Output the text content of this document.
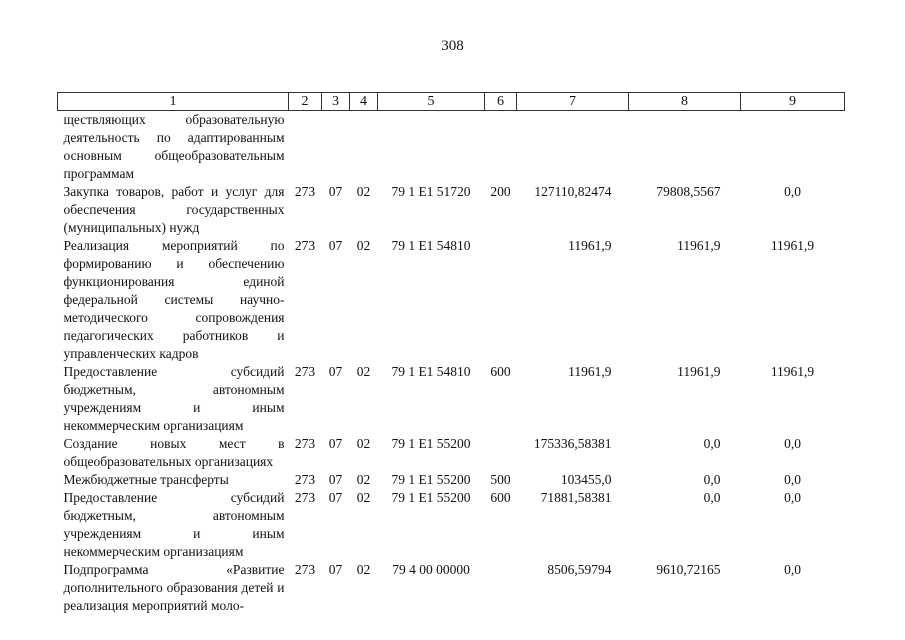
308
1	2	3	4	5	6	7	8	9
ществляющих образовательную деятельность по адаптированным основным общеобразовательным программам								
Закупка товаров, работ и услуг для обеспечения государственных (муниципальных) нужд	273	07	02	79 1 E1 51720	200	127110,82474	79808,5567	0,0
Реализация мероприятий по формированию и обеспечению функционирования единой федеральной системы научно-методического сопровождения педагогических работников и управленческих кадров	273	07	02	79 1 E1 54810		11961,9	11961,9	11961,9
Предоставление субсидий бюджетным, автономным учреждениям и иным некоммерческим организациям	273	07	02	79 1 E1 54810	600	11961,9	11961,9	11961,9
Создание новых мест в общеобразовательных организациях	273	07	02	79 1 E1 55200		175336,58381	0,0	0,0
Межбюджетные трансферты	273	07	02	79 1 E1 55200	500	103455,0	0,0	0,0
Предоставление субсидий бюджетным, автономным учреждениям и иным некоммерческим организациям	273	07	02	79 1 E1 55200	600	71881,58381	0,0	0,0
Подпрограмма «Развитие дополнительного образования детей и реализация мероприятий моло-	273	07	02	79 4 00 00000		8506,59794	9610,72165	0,0
